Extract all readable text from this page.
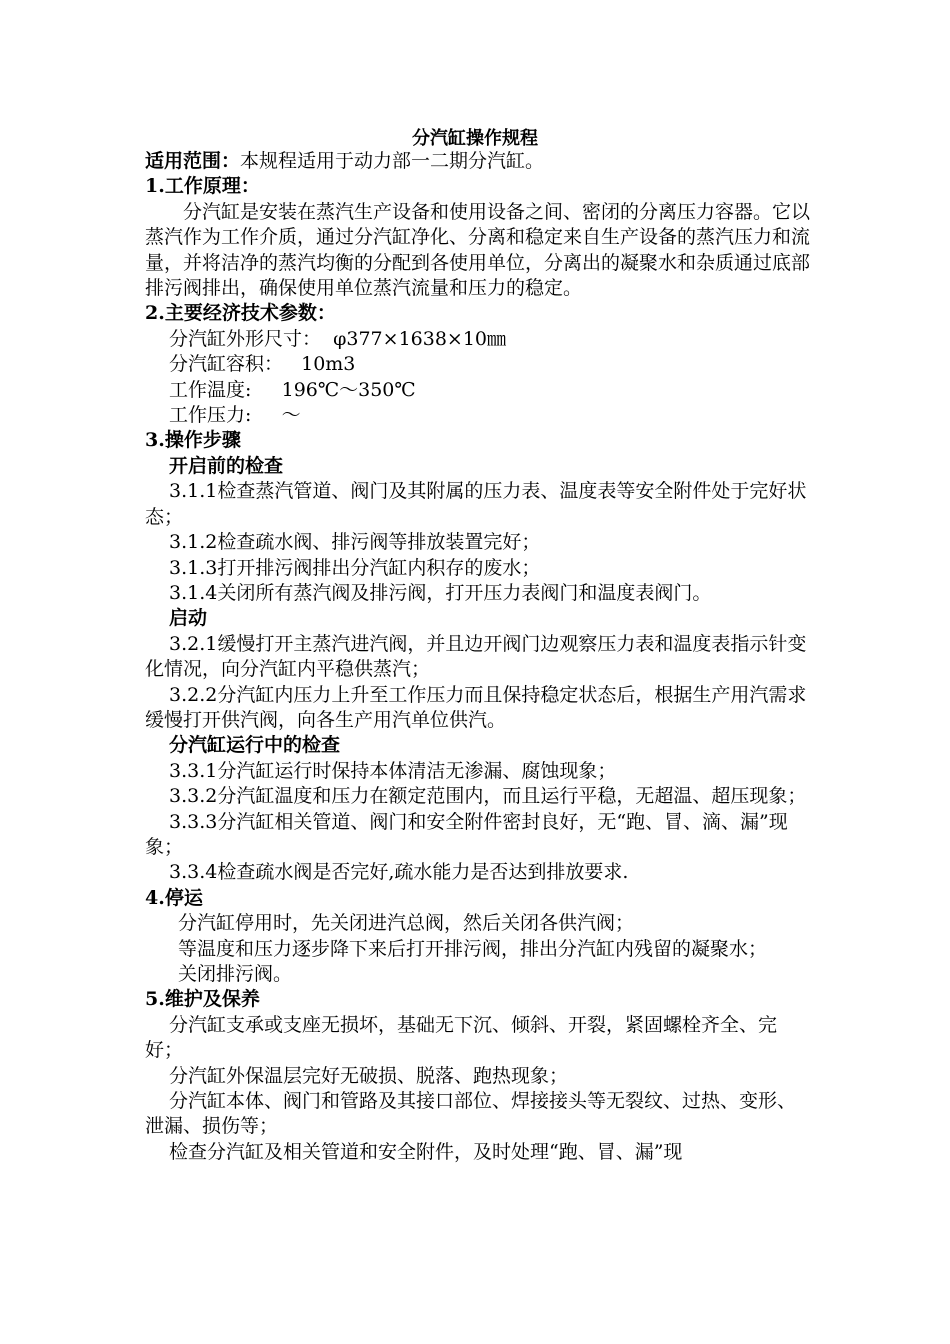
分汽缸操作规程

适用范围：本规程适用于动力部一二期分汽缸。

1.工作原理：

分汽缸是安装在蒸汽生产设备和使用设备之间、密闭的分离压力容器。它以蒸汽作为工作介质，通过分汽缸净化、分离和稳定来自生产设备的蒸汽压力和流量，并将洁净的蒸汽均衡的分配到各使用单位，分离出的凝聚水和杂质通过底部排污阀排出，确保使用单位蒸汽流量和压力的稳定。

2.主要经济技术参数：

分汽缸外形尺寸：  φ377×1638×10㎜

分汽缸容积：   10m3

工作温度:     196℃～350℃

工作压力:     ～

3.操作步骤

开启前的检查

3.1.1检查蒸汽管道、阀门及其附属的压力表、温度表等安全附件处于完好状态；

3.1.2检查疏水阀、排污阀等排放装置完好；

3.1.3打开排污阀排出分汽缸内积存的废水；

3.1.4关闭所有蒸汽阀及排污阀，打开压力表阀门和温度表阀门。

启动

3.2.1缓慢打开主蒸汽进汽阀，并且边开阀门边观察压力表和温度表指示针变化情况，向分汽缸内平稳供蒸汽；

3.2.2分汽缸内压力上升至工作压力而且保持稳定状态后，根据生产用汽需求缓慢打开供汽阀，向各生产用汽单位供汽。

分汽缸运行中的检查

3.3.1分汽缸运行时保持本体清洁无渗漏、腐蚀现象；

3.3.2分汽缸温度和压力在额定范围内，而且运行平稳，无超温、超压现象；

3.3.3分汽缸相关管道、阀门和安全附件密封良好，无“跑、冒、滴、漏”现象；

3.3.4检查疏水阀是否完好,疏水能力是否达到排放要求.

4.停运

分汽缸停用时，先关闭进汽总阀，然后关闭各供汽阀；

等温度和压力逐步降下来后打开排污阀，排出分汽缸内残留的凝聚水；

关闭排污阀。

5.维护及保养

分汽缸支承或支座无损坏，基础无下沉、倾斜、开裂，紧固螺栓齐全、完好；

分汽缸外保温层完好无破损、脱落、跑热现象；

分汽缸本体、阀门和管路及其接口部位、焊接接头等无裂纹、过热、变形、泄漏、损伤等；

检查分汽缸及相关管道和安全附件，及时处理“跑、冒、漏”现
